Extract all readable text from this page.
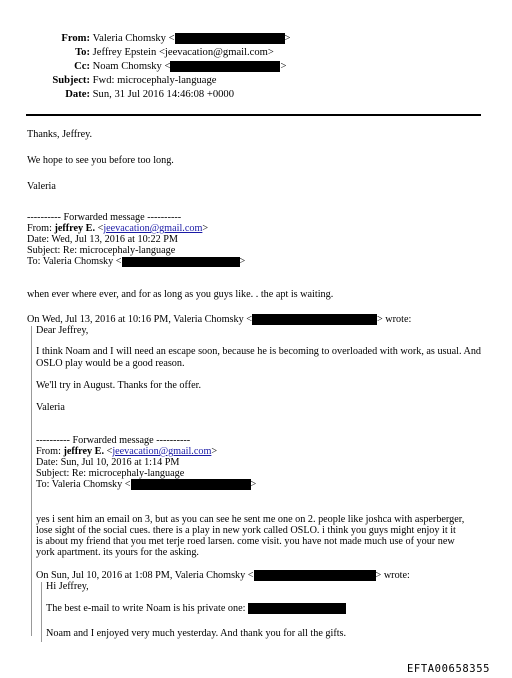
From: Valeria Chomsky <	>
To: Jeffrey Epstein <jeevacation@gmail.com>
Cc: Noam Chomsky <	>
Subject: Fwd: microcephaly-language
Date: Sun, 31 Jul 2016 14:46:08 +0000
Thanks, Jeffrey.
We hope to see you before too long.
Valeria
---------- Forwarded message ----------
From: jeffrey E. <jeevacation@gmail.com>
Date: Wed, Jul 13, 2016 at 10:22 PM
Subject: Re: microcephaly-language
To: Valeria Chomsky <	>
when ever where ever, and for as long as you guys like. . the apt is waiting.
On Wed, Jul 13, 2016 at 10:16 PM, Valeria Chomsky <	> wrote:
Dear Jeffrey,
I think Noam and I will need an escape soon, because he is becoming to overloaded with work, as usual. And
OSLO play would be a good reason.
We'll try in August. Thanks for the offer.
Valeria
---------- Forwarded message ----------
From: jeffrey E. <jeevacation@gmail.com>
Date: Sun, Jul 10, 2016 at 1:14 PM
Subject: Re: microcephaly-language
To: Valeria Chomsky <	>
yes i sent him an email on 3, but as you can see he sent me one on 2. people like joshca with asperberger,
lose sight of the social cues. there is a play in new york called OSLO. i think you guys might enjoy it it
is about my friend that you met terje roed larsen. come visit. you have not made much use of your new
york apartment. its yours for the asking.
On Sun, Jul 10, 2016 at 1:08 PM, Valeria Chomsky <	> wrote:
Hi Jeffrey,
The best e-mail to write Noam is his private one:
Noam and I enjoyed very much yesterday. And thank you for all the gifts.
EFTA00658355
